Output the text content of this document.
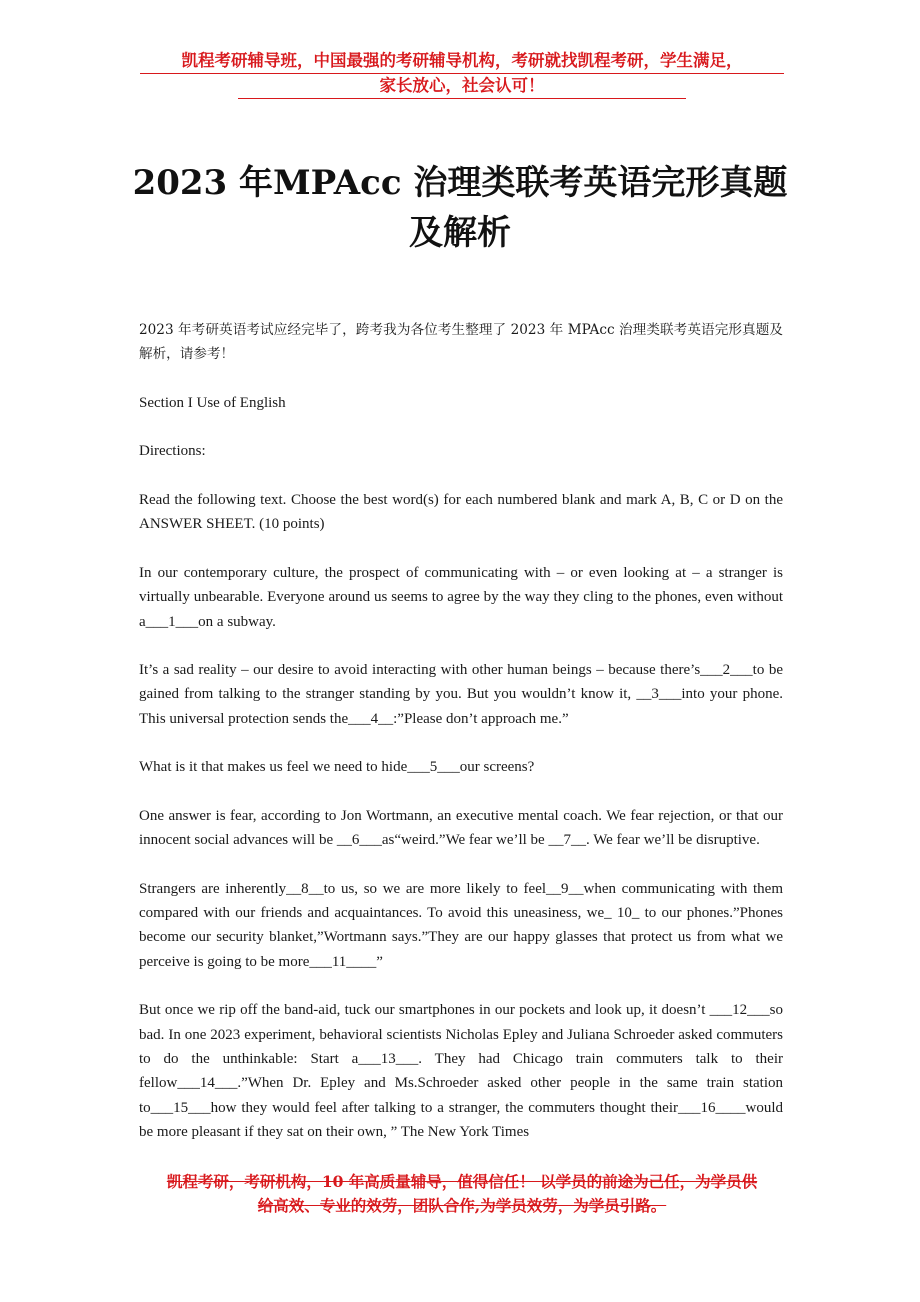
凯程考研辅导班，中国最强的考研辅导机构，考研就找凯程考研，学生满足，
家长放心，社会认可！
2023 年MPAcc 治理类联考英语完形真题
及解析

2023 年考研英语考试应经完毕了，跨考我为各位考生整理了 2023 年 MPAcc 治理类联考英语完形真题及解析，请参考！

Section I Use of English

Directions:

Read the following text. Choose the best word(s) for each numbered blank and mark A, B, C or D on the ANSWER SHEET. (10 points)

In our contemporary culture, the prospect of communicating with – or even looking at – a stranger is virtually unbearable. Everyone around us seems to agree by the way they cling to the phones, even without a___1___on a subway.

It’s a sad reality – our desire to avoid interacting with other human beings – because there’s___2___to be gained from talking to the stranger standing by you. But you wouldn’t know it, __3___into your phone. This universal protection sends the___4__:”Please don’t approach me.”

What is it that makes us feel we need to hide___5___our screens?

One answer is fear, according to Jon Wortmann, an executive mental coach. We fear rejection, or that our innocent social advances will be __6___as“weird.”We fear we’ll be __7__. We fear we’ll be disruptive.

Strangers are inherently__8__to us, so we are more likely to feel__9__when communicating with them compared with our friends and acquaintances. To avoid this uneasiness, we_ 10_ to our phones.”Phones become our security blanket,”Wortmann says.”They are our happy glasses that protect us from what we perceive is going to be more___11____”

But once we rip off the band-aid, tuck our smartphones in our pockets and look up, it doesn’t ___12___so bad. In one 2023 experiment, behavioral scientists Nicholas Epley and Juliana Schroeder asked commuters to do the unthinkable: Start a___13___. They had Chicago train commuters talk to their fellow___14___.”When Dr. Epley and Ms.Schroeder asked other people in the same train station to___15___how they would feel after talking to a stranger, the commuters thought their___16____would be more pleasant if they sat on their own, ” The New York Times

凯程考研，考研机构，10 年高质量辅导，值得信任！ 以学员的前途为己任，为学员供
给高效、专业的效劳，团队合作,为学员效劳，为学员引路。
